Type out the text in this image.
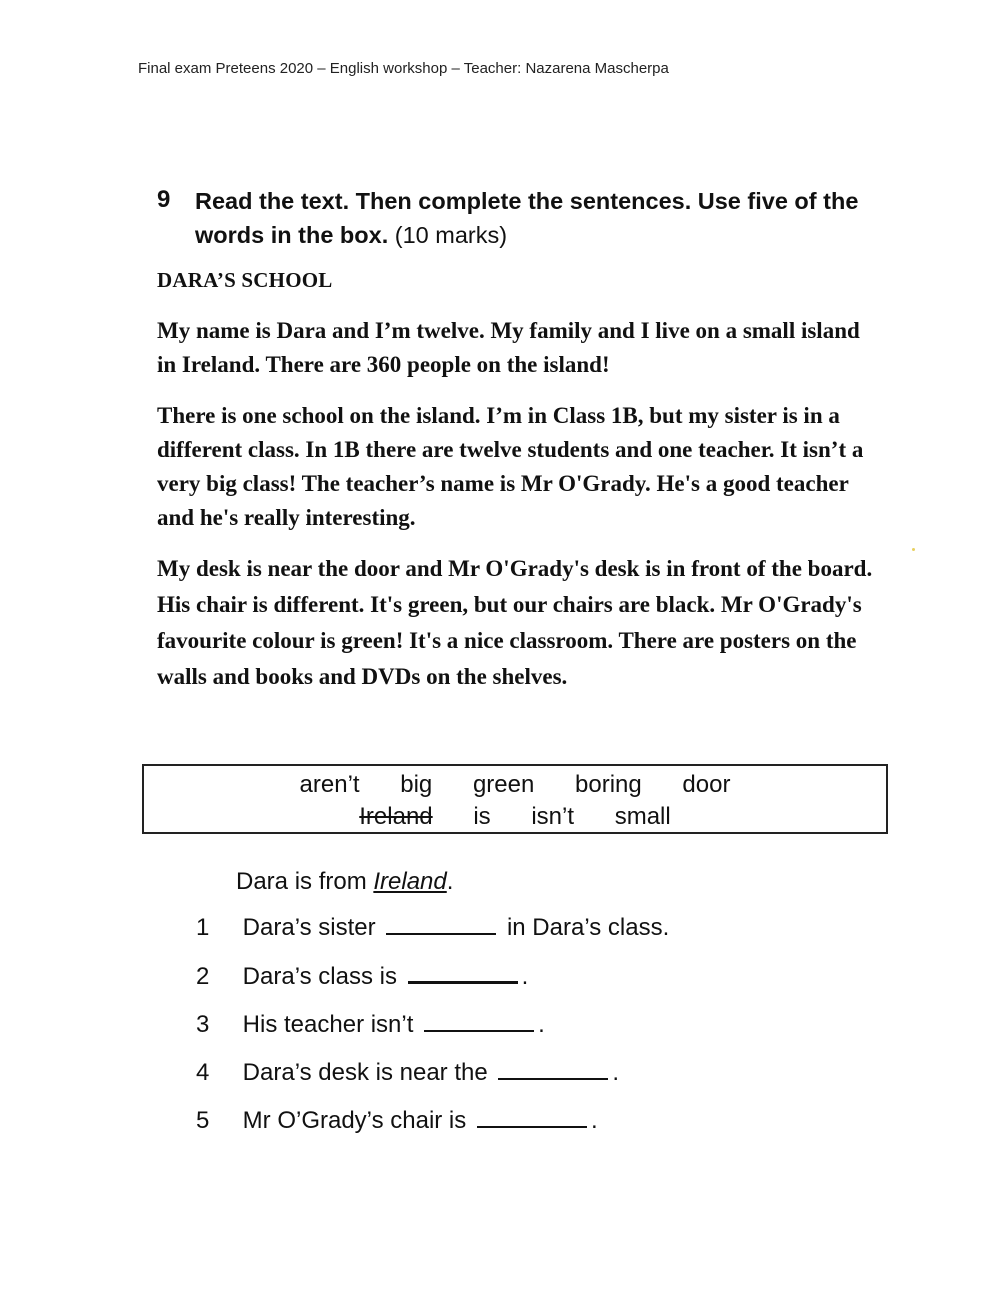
Final exam Preteens 2020 – English workshop – Teacher: Nazarena Mascherpa
9 Read the text. Then complete the sentences. Use five of the words in the box. (10 marks)
DARA’S SCHOOL

My name is Dara and I’m twelve. My family and I live on a small island in Ireland. There are 360 people on the island!

There is one school on the island. I’m in Class 1B, but my sister is in a different class. In 1B there are twelve students and one teacher. It isn’t a very big class! The teacher’s name is Mr O'Grady. He's a good teacher and he's really interesting.

My desk is near the door and Mr O'Grady's desk is in front of the board. His chair is different. It's green, but our chairs are black. Mr O'Grady's favourite colour is green! It's a nice classroom. There are posters on the walls and books and DVDs on the shelves.

aren’t big green boring door
Ireland is isn’t small
Dara is from Ireland.
1 Dara’s sister	in Dara’s class.
2 Dara’s class is	.
3 His teacher isn’t	.
4 Dara’s desk is near the	.
5 Mr O’Grady’s chair is	.
